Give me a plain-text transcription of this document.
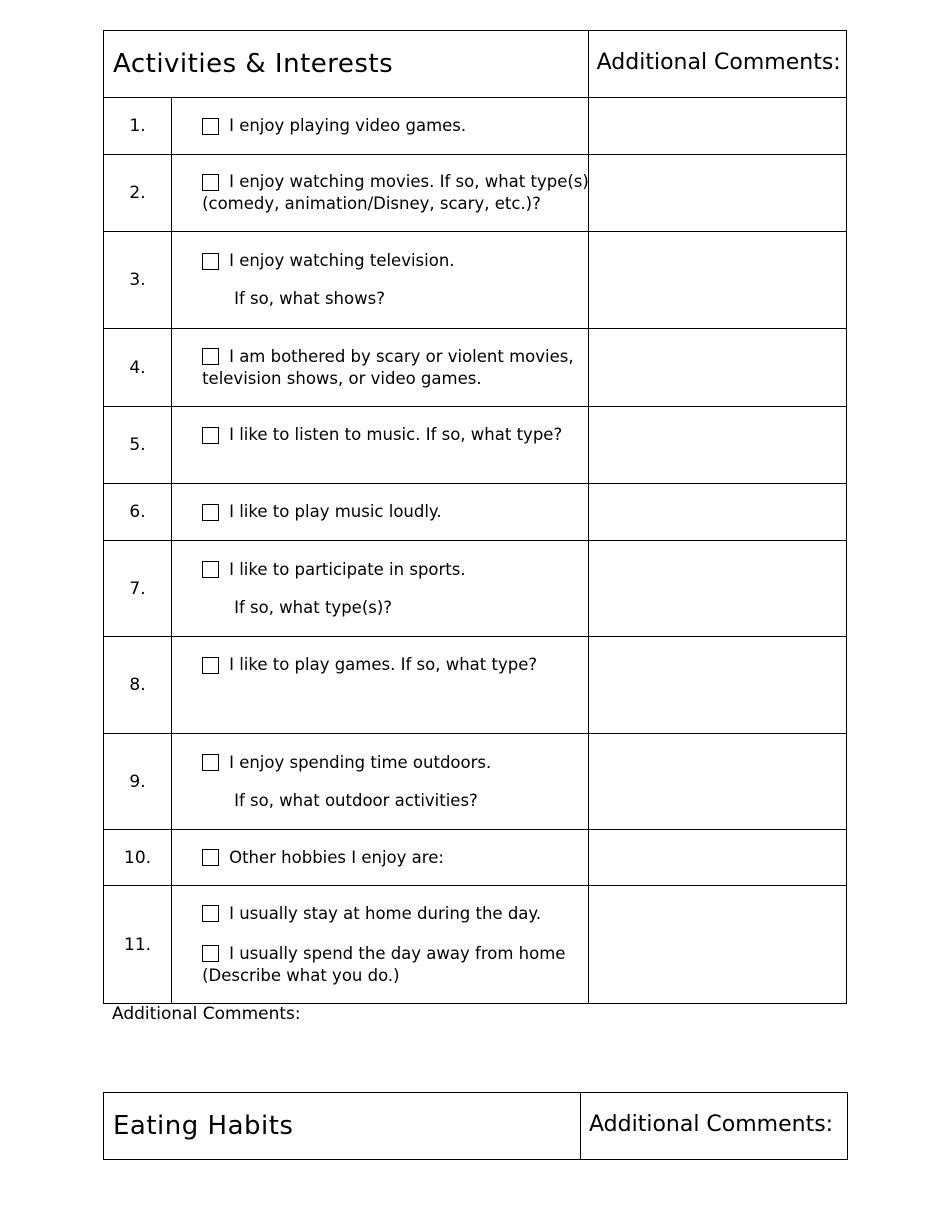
Activities & Interests		Additional Comments:
1.	I enjoy playing video games.	

2.	I enjoy watching movies. If so, what type(s)
(comedy, animation/Disney, scary, etc.)?	

3.	I enjoy watching television.
If so, what shows?	

4.	I am bothered by scary or violent movies,
television shows, or video games.	

5.	I like to listen to music. If so, what type?	

6.	I like to play music loudly.	

7.	I like to participate in sports.
If so, what type(s)?	

8.	I like to play games. If so, what type?	

9.	I enjoy spending time outdoors.
If so, what outdoor activities?	

10.	Other hobbies I enjoy are:	

11.	I usually stay at home during the day.
I usually spend the day away from home
(Describe what you do.)	

Additional Comments:
Eating Habits	Additional Comments:
